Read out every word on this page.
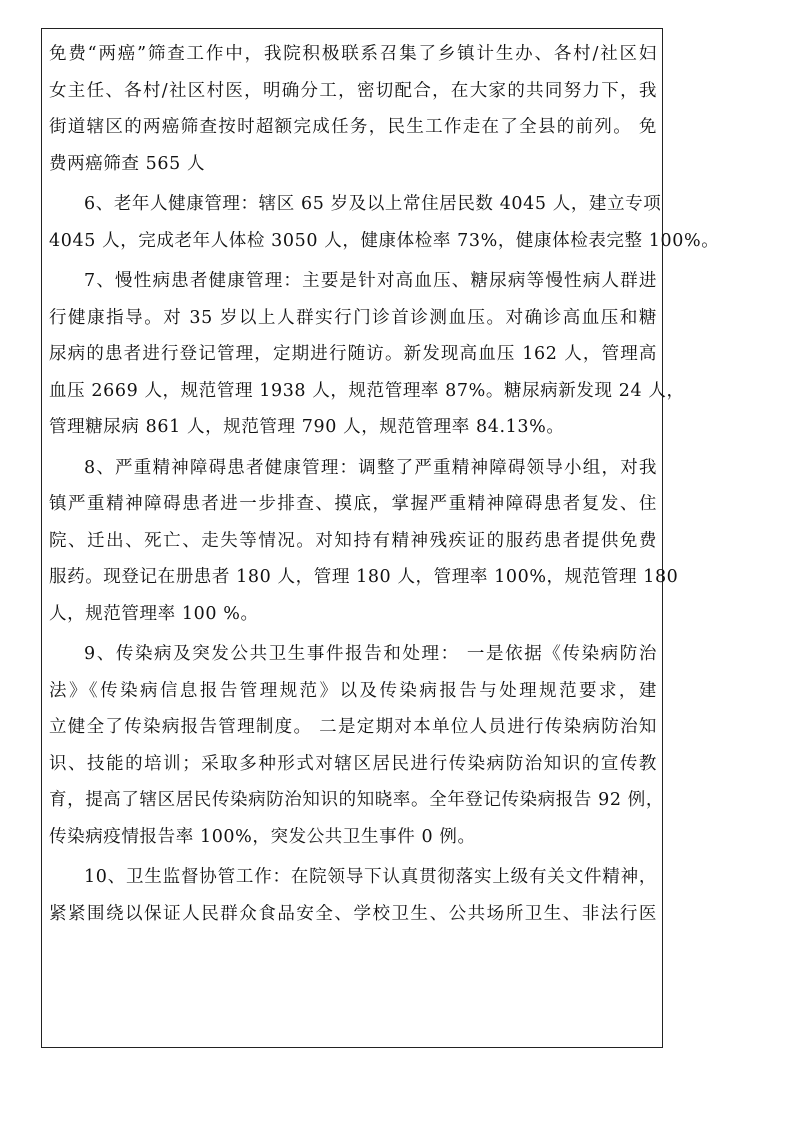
免费“两癌”筛查工作中，我院积极联系召集了乡镇计生办、各村/社区妇
女主任、各村/社区村医，明确分工，密切配合，在大家的共同努力下，我
街道辖区的两癌筛查按时超额完成任务，民生工作走在了全县的前列。 免
费两癌筛查 565 人

6、老年人健康管理：辖区 65 岁及以上常住居民数 4045 人，建立专项
4045 人，完成老年人体检 3050 人，健康体检率 73%，健康体检表完整 100%。

7、慢性病患者健康管理：主要是针对高血压、糖尿病等慢性病人群进
行健康指导。对 35 岁以上人群实行门诊首诊测血压。对确诊高血压和糖
尿病的患者进行登记管理，定期进行随访。新发现高血压 162 人，管理高
血压 2669 人，规范管理 1938 人，规范管理率 87%。糖尿病新发现 24 人，
管理糖尿病 861 人，规范管理 790 人，规范管理率 84.13%。

8、严重精神障碍患者健康管理：调整了严重精神障碍领导小组，对我
镇严重精神障碍患者进一步排查、摸底，掌握严重精神障碍患者复发、住
院、迁出、死亡、走失等情况。对知持有精神残疾证的服药患者提供免费
服药。现登记在册患者 180 人，管理 180 人，管理率 100%，规范管理 180
人，规范管理率 100 %。

9、传染病及突发公共卫生事件报告和处理： 一是依据《传染病防治
法》《传染病信息报告管理规范》以及传染病报告与处理规范要求，建
立健全了传染病报告管理制度。 二是定期对本单位人员进行传染病防治知
识、技能的培训；采取多种形式对辖区居民进行传染病防治知识的宣传教
育，提高了辖区居民传染病防治知识的知晓率。全年登记传染病报告 92 例，
传染病疫情报告率 100%，突发公共卫生事件 0 例。

10、卫生监督协管工作：在院领导下认真贯彻落实上级有关文件精神，
紧紧围绕以保证人民群众食品安全、学校卫生、公共场所卫生、非法行医
